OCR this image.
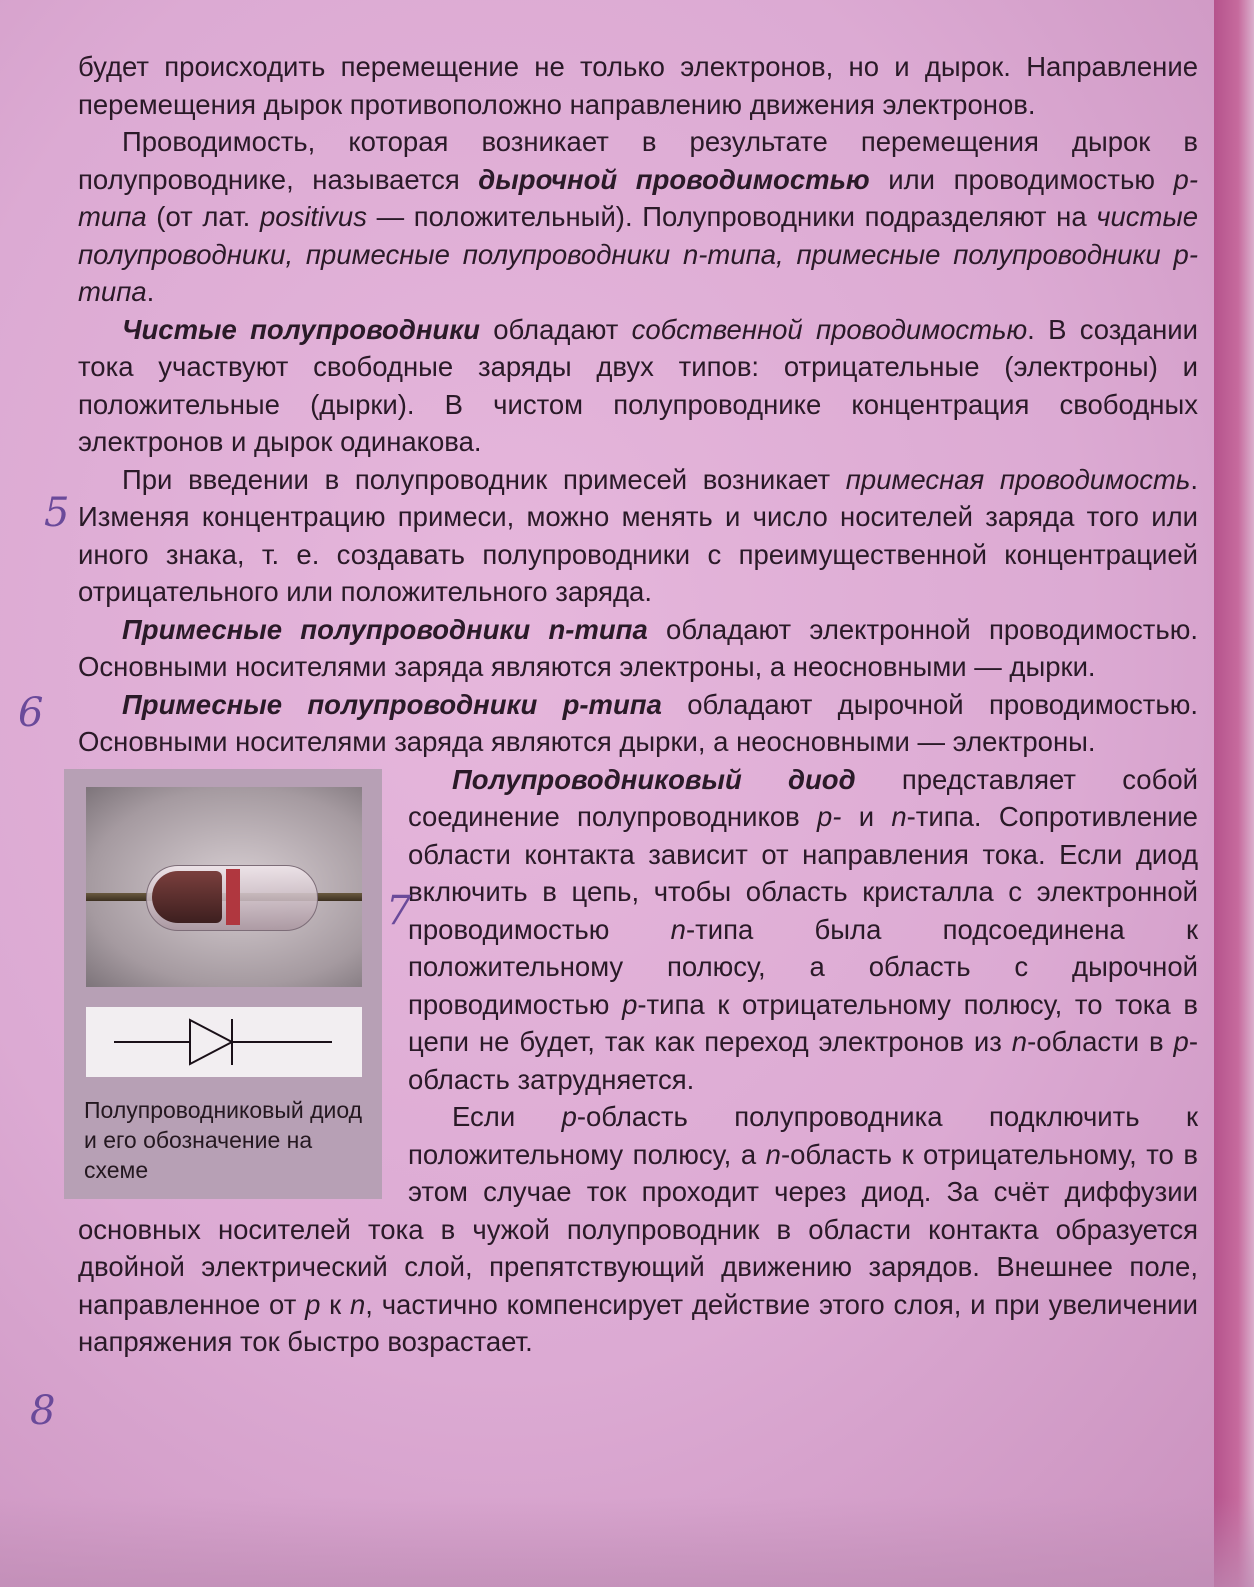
будет происходить перемещение не только электронов, но и дырок. Направление перемещения дырок противоположно направлению движения электронов.

Проводимость, которая возникает в результате перемещения дырок в полупроводнике, называется дырочной проводимостью или проводимостью p-типа (от лат. positivus — положительный). Полупроводники подразделяют на чистые полупроводники, примесные полупроводники n-типа, примесные полупроводники p-типа.

Чистые полупроводники обладают собственной проводимостью. В создании тока участвуют свободные заряды двух типов: отрицательные (электроны) и положительные (дырки). В чистом полупроводнике концентрация свободных электронов и дырок одинакова.

При введении в полупроводник примесей возникает примесная проводимость. Изменяя концентрацию примеси, можно менять и число носителей заряда того или иного знака, т. е. создавать полупроводники с преимущественной концентрацией отрицательного или положительного заряда.

Примесные полупроводники n-типа обладают электронной проводимостью. Основными носителями заряда являются электроны, а неосновными — дырки.

Примесные полупроводники p-типа обладают дырочной проводимостью. Основными носителями заряда являются дырки, а неосновными — электроны.

Полупроводниковый диод и его обозначение на схеме

Полупроводниковый диод представляет собой соединение полупроводников p- и n-типа. Сопротивление области контакта зависит от направления тока. Если диод включить в цепь, чтобы область кристалла с электронной проводимостью n-типа была подсоединена к положительному полюсу, а область с дырочной проводимостью p-типа к отрицательному полюсу, то тока в цепи не будет, так как переход электронов из n-области в p-область затрудняется.

Если p-область полупроводника подключить к положительному полюсу, а n-область к отрицательному, то в этом случае ток проходит через диод. За счёт диффузии основных носителей тока в чужой полупроводник в области контакта образуется двойной электрический слой, препятствующий движению зарядов. Внешнее поле, направленное от p к n, частично компенсирует действие этого слоя, и при увеличении напряжения ток быстро возрастает.

5
6
7
8
